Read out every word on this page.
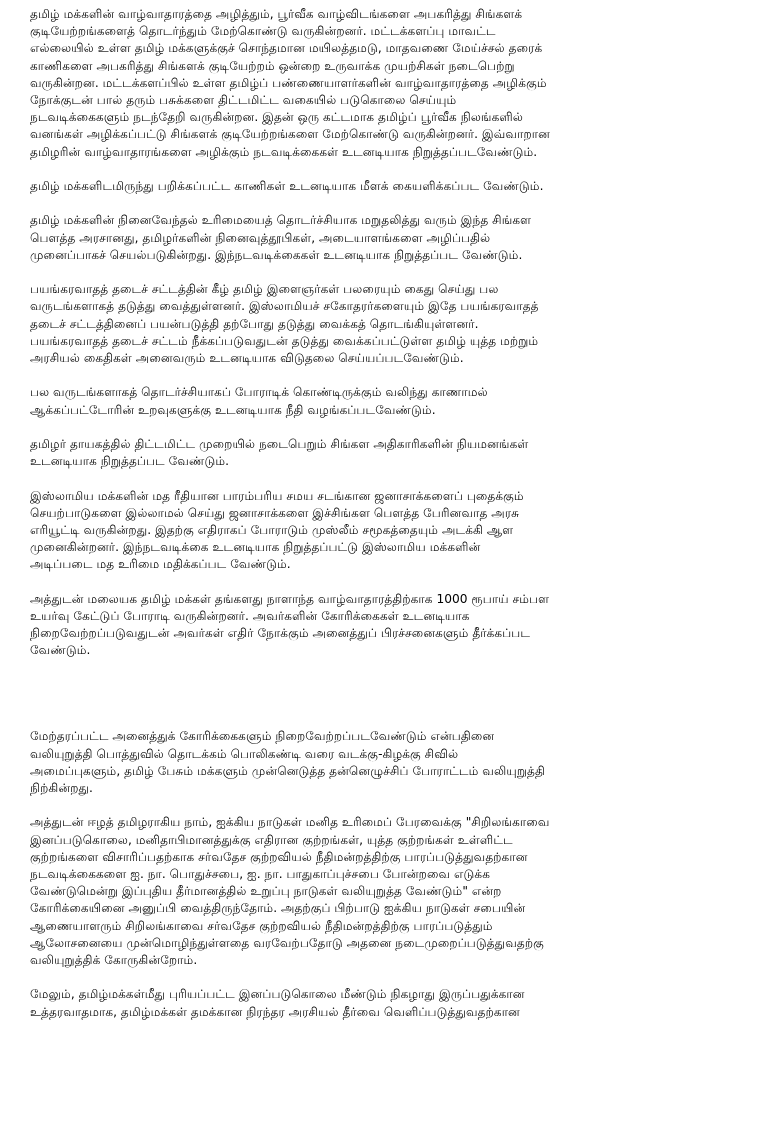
தமிழ் மக்களின் வாழ்வாதாரத்தை அழித்தும், பூர்வீக வாழ்விடங்களை அபகரித்து சிங்களக்
குடியேற்றங்களைத் தொடர்ந்தும் மேற்கொண்டு வருகின்றனர். மட்டக்களப்பு மாவட்ட
எல்லையில் உள்ள தமிழ் மக்களுக்குச் சொந்தமான மயிலத்தமடு, மாதவணை மேய்ச்சல் தரைக்
காணிகளை அபகரித்து சிங்களக் குடியேற்றம் ஒன்றை உருவாக்க முயற்சிகள் நடைபெற்று
வருகின்றன. மட்டக்களப்பில் உள்ள தமிழ்ப் பண்ணையாளர்களின் வாழ்வாதாரத்தை அழிக்கும்
நோக்குடன் பால் தரும் பசுக்களை திட்டமிட்ட வகையில் படுகொலை செய்யும்
நடவடிக்கைகளும் நடந்தேறி வருகின்றன. இதன் ஒரு கட்டமாக தமிழ்ப் பூர்வீக நிலங்களில்
வனங்கள் அழிக்கப்பட்டு சிங்களக் குடியேற்றங்களை மேற்கொண்டு வருகின்றனர். இவ்வாறான
தமிழரின் வாழ்வாதாரங்களை அழிக்கும் நடவடிக்கைகள் உடனடியாக நிறுத்தப்படவேண்டும்.
தமிழ் மக்களிடமிருந்து பறிக்கப்பட்ட காணிகள் உடனடியாக மீளக் கையளிக்கப்பட வேண்டும்.
தமிழ் மக்களின் நினைவேந்தல் உரிமையைத் தொடர்ச்சியாக மறுதலித்து வரும் இந்த சிங்கள
பௌத்த அரசானது, தமிழர்களின் நினைவுத்தூபிகள், அடையாளங்களை அழிப்பதில்
முனைப்பாகச் செயல்படுகின்றது. இந்நடவடிக்கைகள் உடனடியாக நிறுத்தப்பட வேண்டும்.
பயங்கரவாதத் தடைச் சட்டத்தின் கீழ் தமிழ் இளைஞர்கள் பலரையும் கைது செய்து பல
வருடங்களாகத் தடுத்து வைத்துள்ளனர். இஸ்லாமியச் சகோதரர்களையும் இதே பயங்கரவாதத்
தடைச் சட்டத்தினைப் பயன்படுத்தி தற்போது தடுத்து வைக்கத் தொடங்கியுள்ளனர்.
பயங்கரவாதத் தடைச் சட்டம் நீக்கப்படுவதுடன் தடுத்து வைக்கப்பட்டுள்ள தமிழ் யுத்த மற்றும்
அரசியல் கைதிகள் அனைவரும் உடனடியாக விடுதலை செய்யப்படவேண்டும்.
பல வருடங்களாகத் தொடர்ச்சியாகப் போராடிக் கொண்டிருக்கும் வலிந்து காணாமல்
ஆக்கப்பட்டோரின் உறவுகளுக்கு உடனடியாக நீதி வழங்கப்படவேண்டும்.
தமிழர் தாயகத்தில் திட்டமிட்ட முறையில் நடைபெறும் சிங்கள அதிகாரிகளின் நியமனங்கள்
உடனடியாக நிறுத்தப்பட வேண்டும்.
இஸ்லாமிய மக்களின் மத ரீதியான பாரம்பரிய சமய சடங்கான ஜனாசாக்களைப் புதைக்கும்
செயற்பாடுகளை இல்லாமல் செய்து ஜனாசாக்களை இச்சிங்கள பௌத்த பேரினவாத அரசு
எரியூட்டி வருகின்றது. இதற்கு எதிராகப் போராடும் முஸ்லீம் சமூகத்தையும் அடக்கி ஆள
முனைகின்றனர். இந்நடவடிக்கை உடனடியாக நிறுத்தப்பட்டு இஸ்லாமிய மக்களின்
அடிப்படை மத உரிமை மதிக்கப்பட வேண்டும்.
அத்துடன் மலையக தமிழ் மக்கள் தங்களது நாளாந்த வாழ்வாதாரத்திற்காக 1000 ரூபாய் சம்பள
உயர்வு கேட்டுப் போராடி வருகின்றனர். அவர்களின் கோரிக்கைகள் உடனடியாக
நிறைவேற்றப்படுவதுடன் அவர்கள் எதிர் நோக்கும் அனைத்துப் பிரச்சனைகளும் தீர்க்கப்பட
வேண்டும்.
மேற்தரப்பட்ட அனைத்துக் கோரிக்கைகளும் நிறைவேற்றப்படவேண்டும் என்பதினை
வலியுறுத்தி பொத்துவில் தொடக்கம் பொலிகண்டி வரை வடக்கு-கிழக்கு சிவில்
அமைப்புகளும், தமிழ் பேசும் மக்களும் முன்னெடுத்த தன்னெழுச்சிப் போராட்டம் வலியுறுத்தி
நிற்கின்றது.
அத்துடன் ஈழத் தமிழராகிய நாம், ஐக்கிய நாடுகள் மனித உரிமைப் பேரவைக்கு "சிறிலங்காவை
இனப்படுகொலை, மனிதாபிமானத்துக்கு எதிரான குற்றங்கள், யுத்த குற்றங்கள் உள்ளிட்ட
குற்றங்களை விசாரிப்பதற்காக சர்வதேச குற்றவியல் நீதிமன்றத்திற்கு பாரப்படுத்துவதற்கான
நடவடிக்கைகளை ஐ. நா. பொதுச்சபை, ஐ. நா. பாதுகாப்புச்சபை போன்றவை எடுக்க
வேண்டுமென்று இப்புதிய தீர்மானத்தில் உறுப்பு நாடுகள் வலியுறுத்த வேண்டும்" என்ற
கோரிக்கையினை அனுப்பி வைத்திருந்தோம். அதற்குப் பிற்பாடு ஐக்கிய நாடுகள் சபையின்
ஆணையாளரும் சிறிலங்காவை சர்வதேச குற்றவியல் நீதிமன்றத்திற்கு பாரப்படுத்தும்
ஆலோசனையை முன்மொழிந்துள்ளதை வரவேற்பதோடு அதனை நடைமுறைப்படுத்துவதற்கு
வலியுறுத்திக் கோருகின்றோம்.
மேலும், தமிழ்மக்கள்மீது புரியப்பட்ட இனப்படுகொலை மீண்டும் நிகழாது இருப்பதுக்கான
உத்தரவாதமாக, தமிழ்மக்கள் தமக்கான நிரந்தர அரசியல் தீர்வை வெளிப்படுத்துவதற்கான
